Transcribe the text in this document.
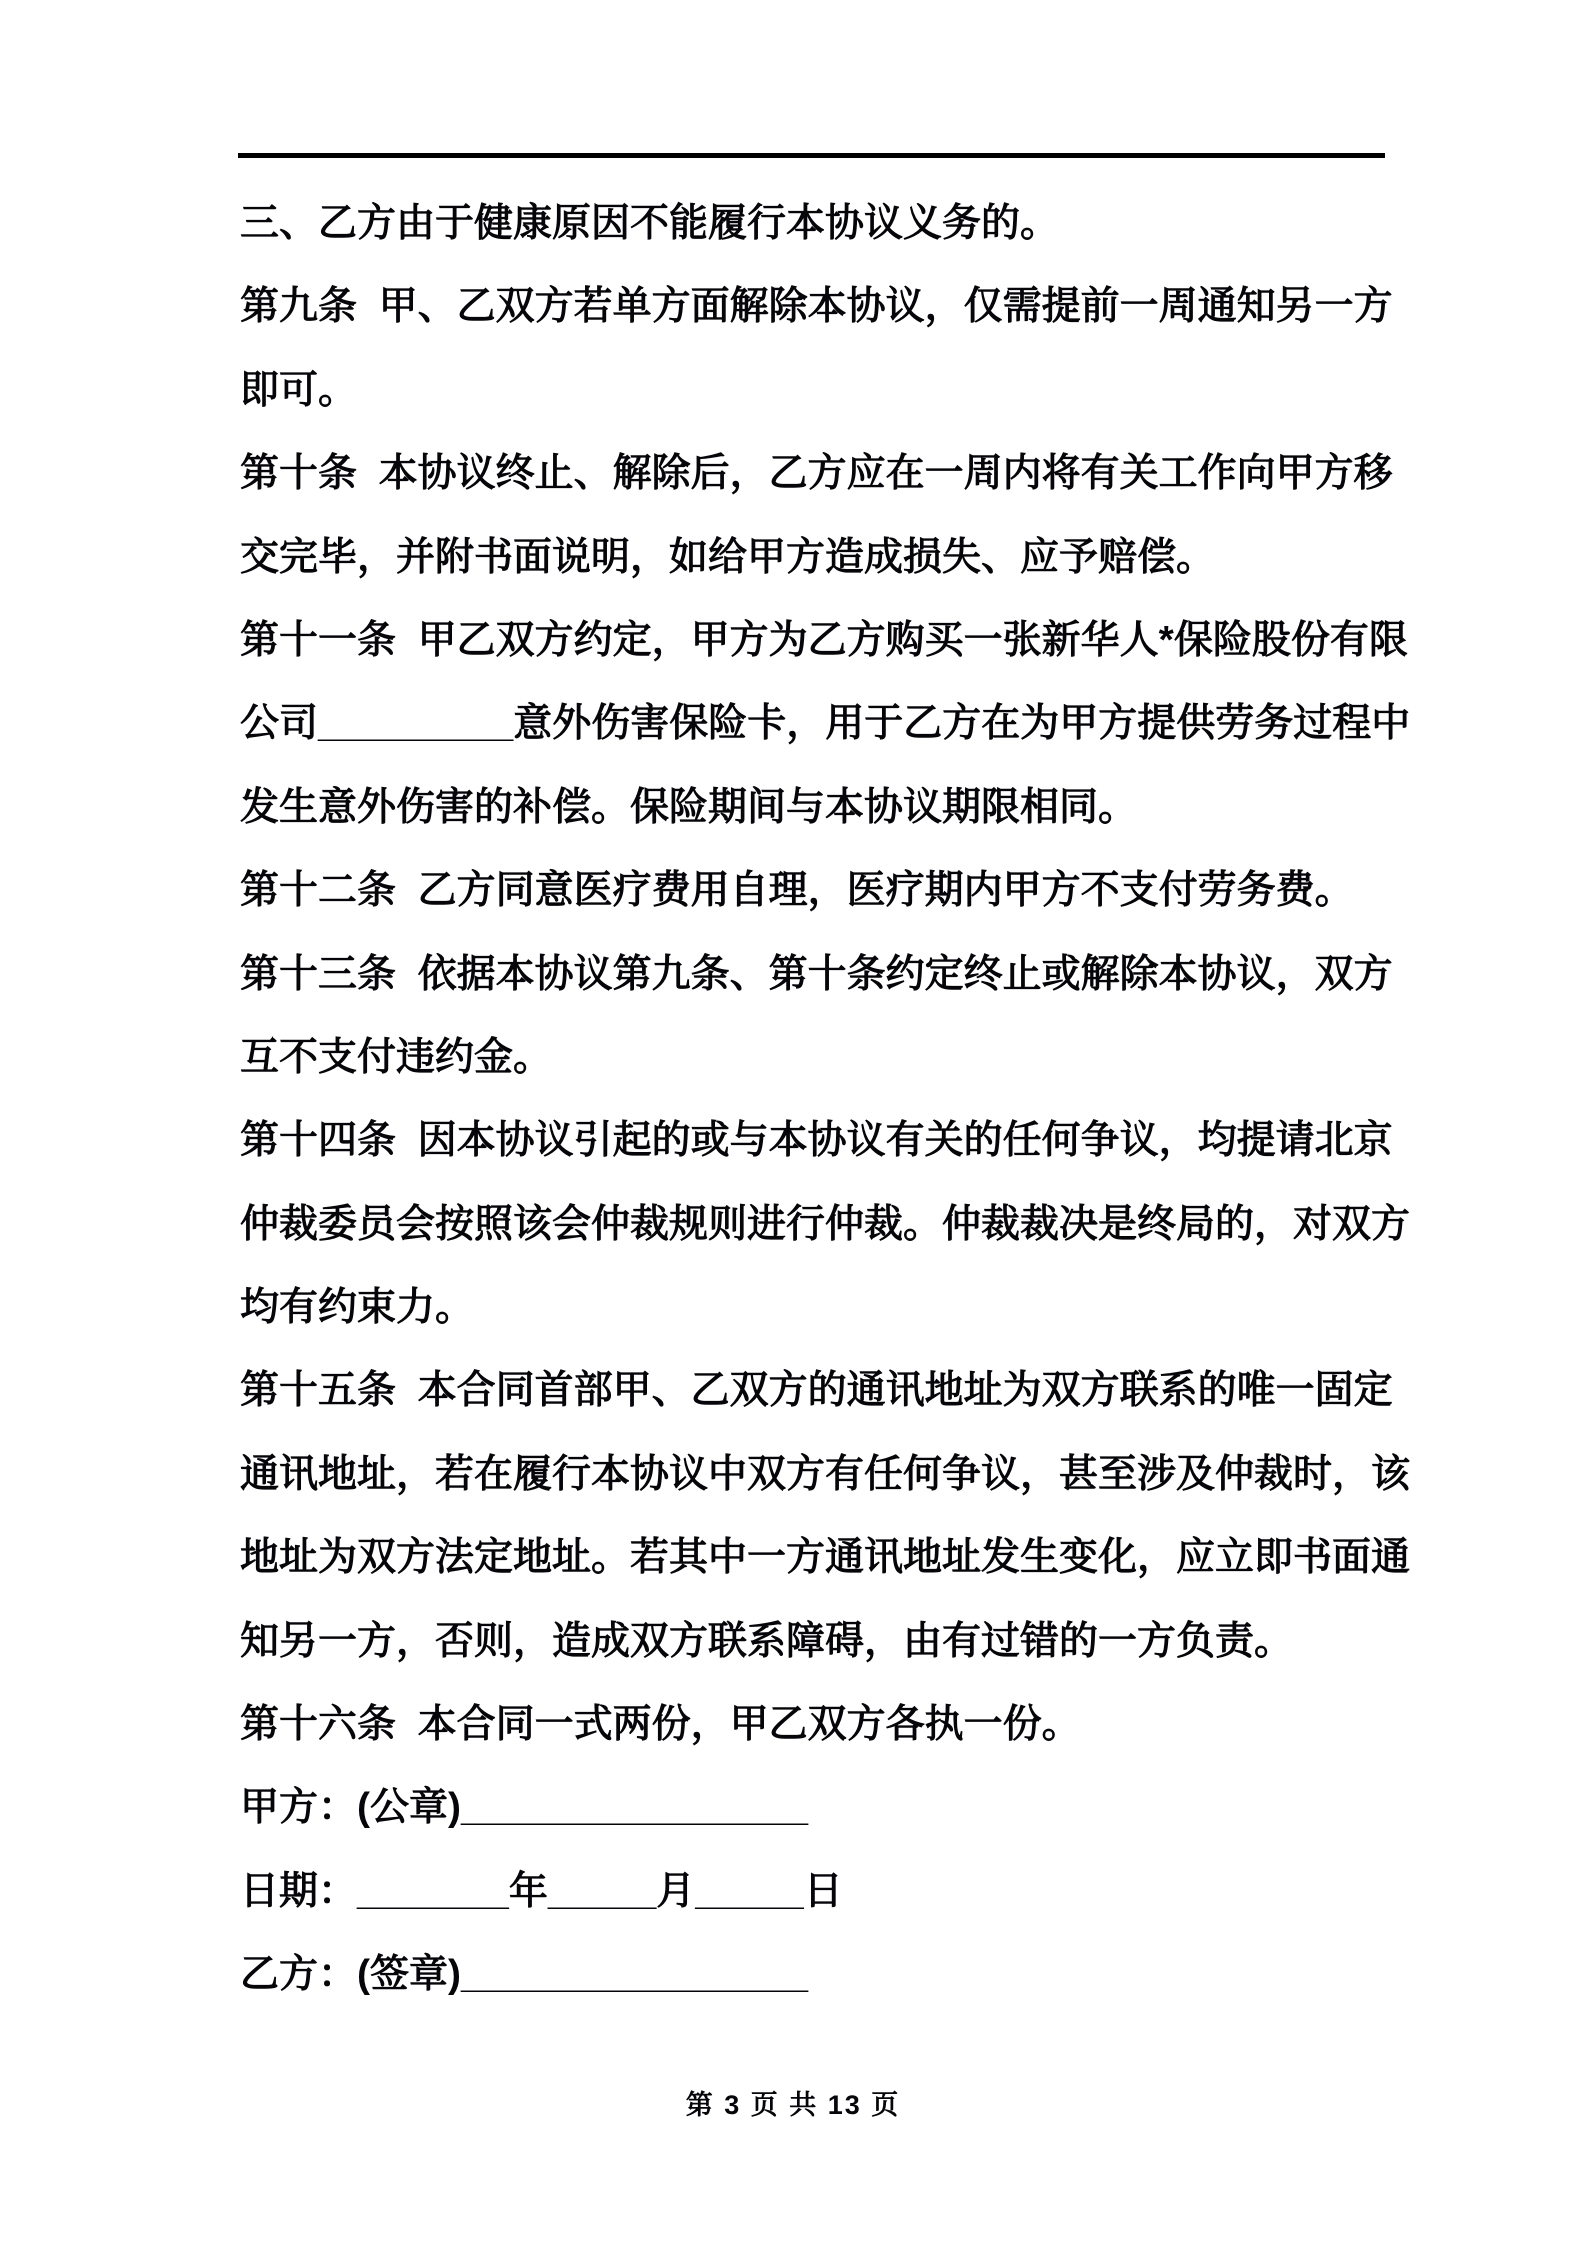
三、乙方由于健康原因不能履行本协议义务的。
第九条  甲、乙双方若单方面解除本协议，仅需提前一周通知另一方
即可。
第十条  本协议终止、解除后，乙方应在一周内将有关工作向甲方移
交完毕，并附书面说明，如给甲方造成损失、应予赔偿。
第十一条  甲乙双方约定，甲方为乙方购买一张新华人*保险股份有限
公司_________意外伤害保险卡，用于乙方在为甲方提供劳务过程中
发生意外伤害的补偿。保险期间与本协议期限相同。
第十二条  乙方同意医疗费用自理，医疗期内甲方不支付劳务费。
第十三条  依据本协议第九条、第十条约定终止或解除本协议，双方
互不支付违约金。
第十四条  因本协议引起的或与本协议有关的任何争议，均提请北京
仲裁委员会按照该会仲裁规则进行仲裁。仲裁裁决是终局的，对双方
均有约束力。
第十五条  本合同首部甲、乙双方的通讯地址为双方联系的唯一固定
通讯地址，若在履行本协议中双方有任何争议，甚至涉及仲裁时，该
地址为双方法定地址。若其中一方通讯地址发生变化，应立即书面通
知另一方，否则，造成双方联系障碍，由有过错的一方负责。
第十六条  本合同一式两份，甲乙双方各执一份。
甲方：(公章)________________
日期：_______年_____月_____日
乙方：(签章)________________
第 3 页 共 13 页
